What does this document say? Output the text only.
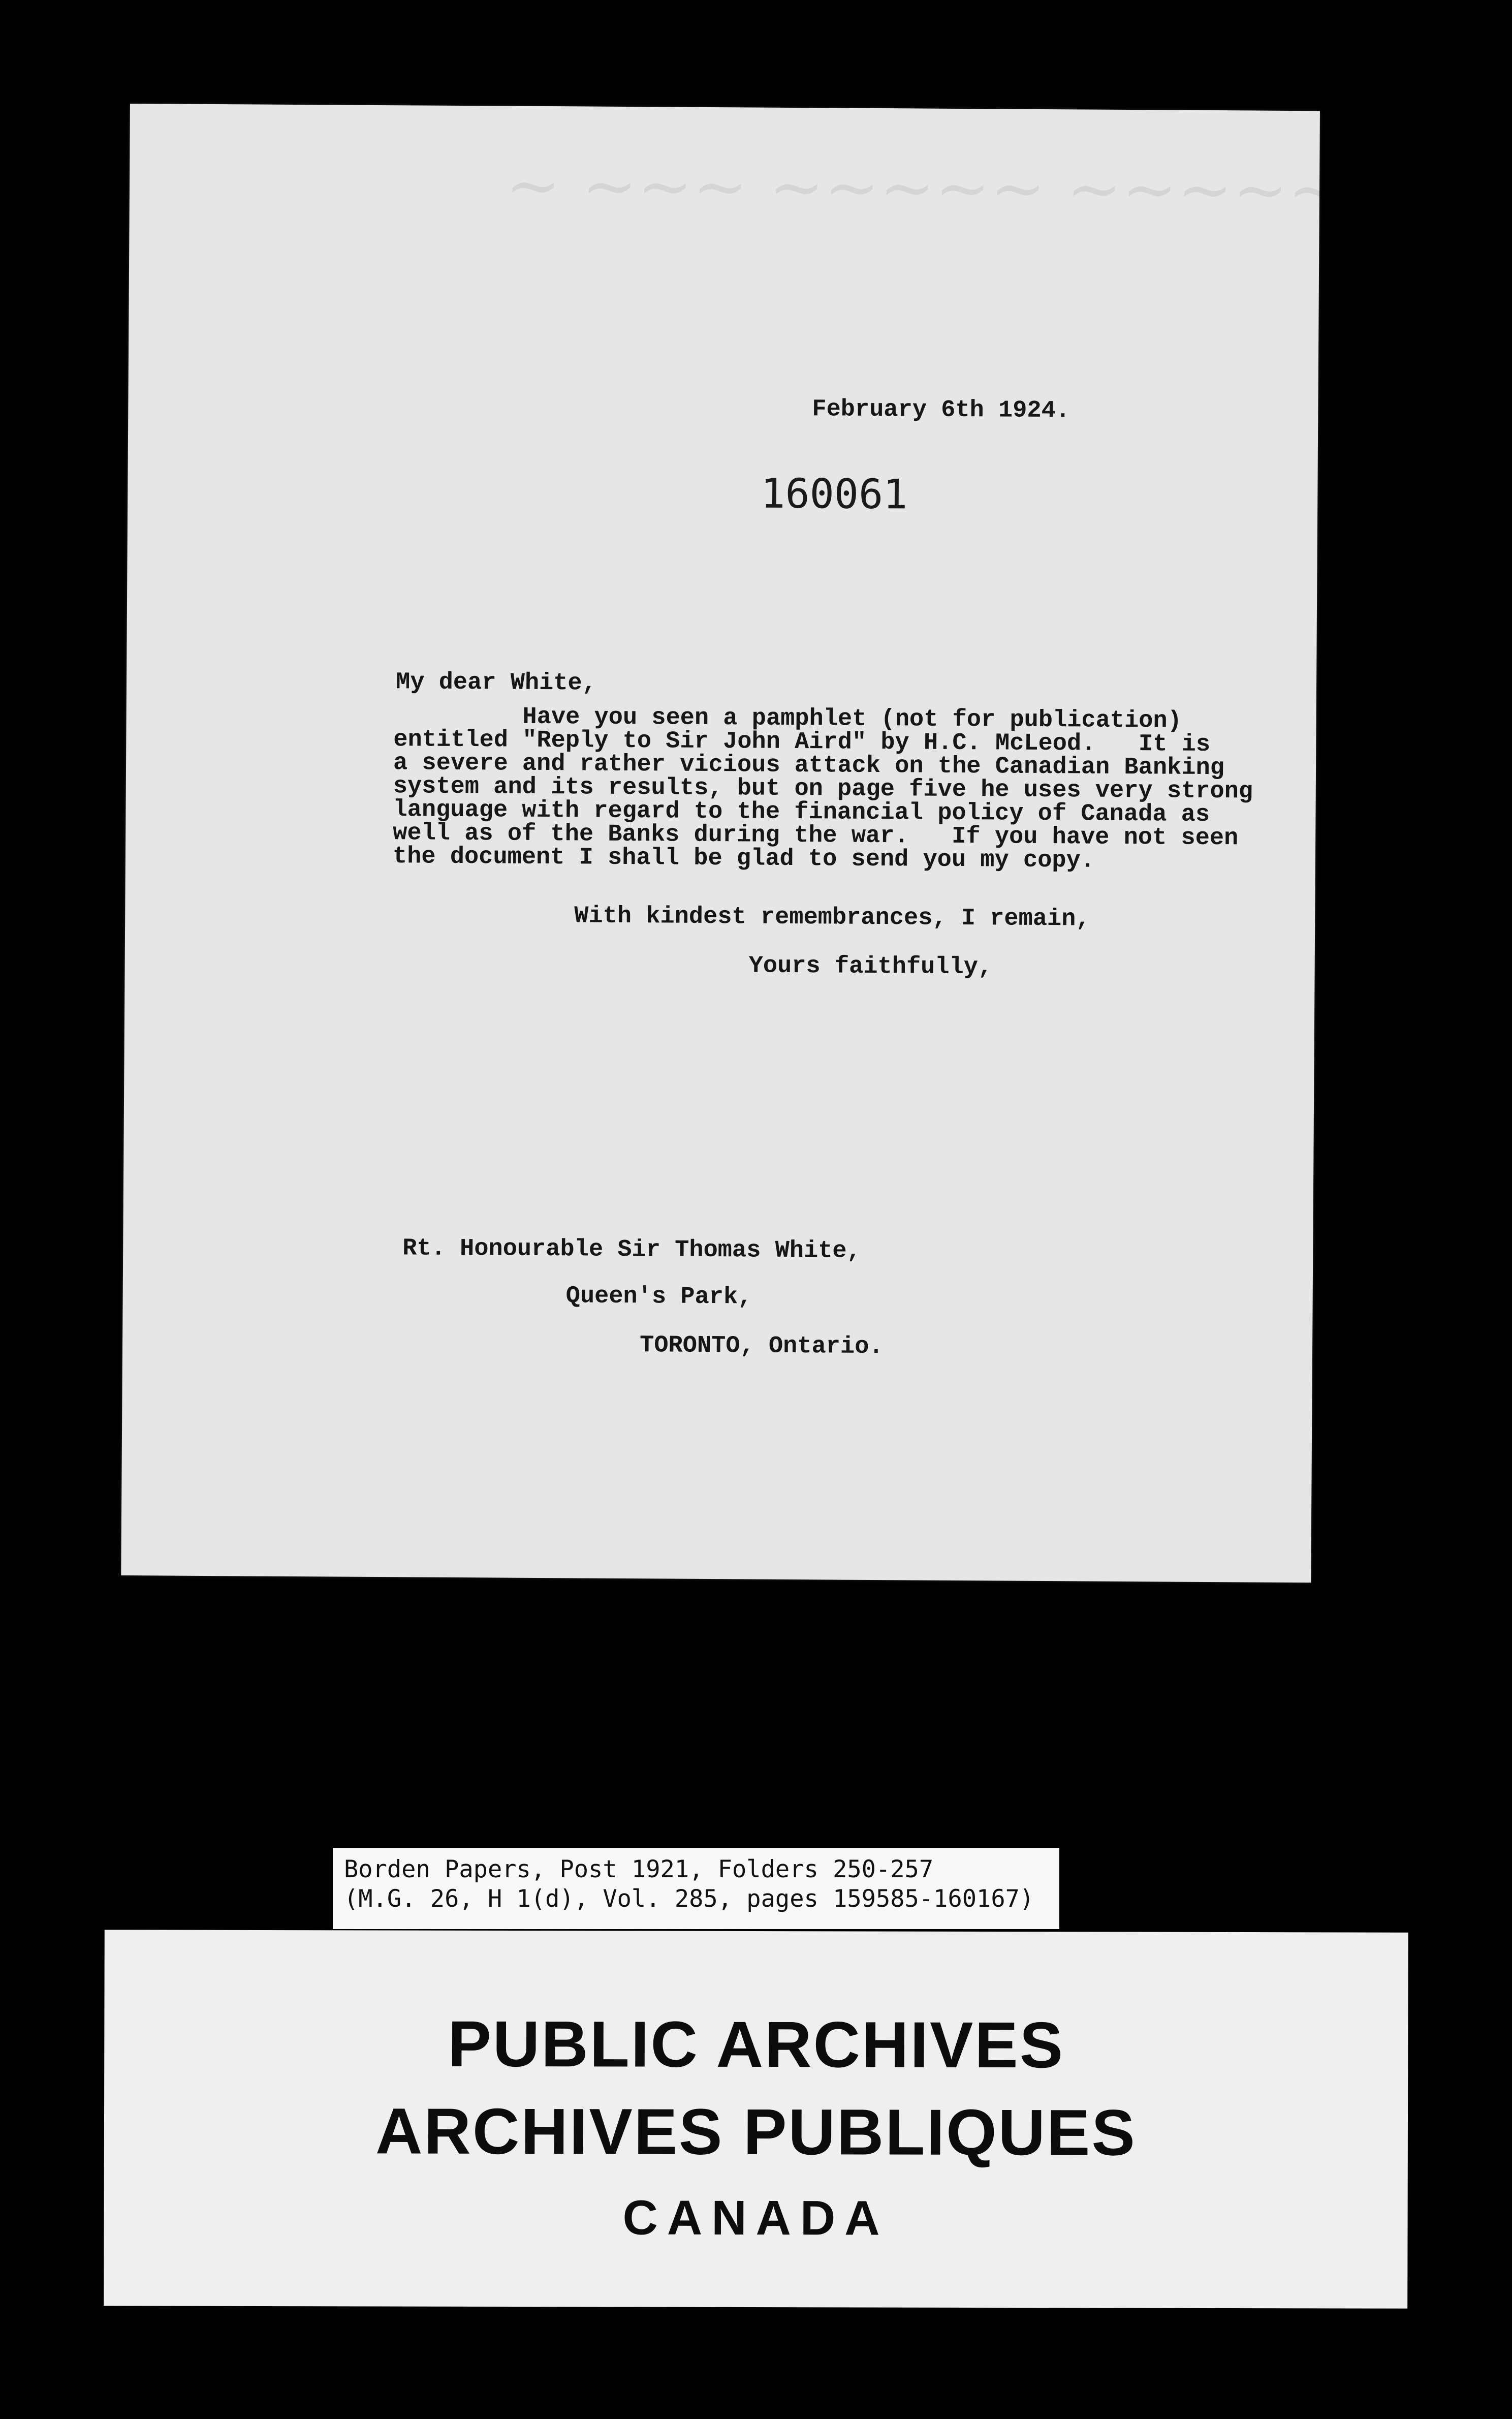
~ ~~~ ~~~~~ ~~~~~
February 6th 1924.
160061
My dear White,
Have you seen a pamphlet (not for publication)
entitled "Reply to Sir John Aird" by H.C. McLeod.   It is
a severe and rather vicious attack on the Canadian Banking
system and its results, but on page five he uses very strong
language with regard to the financial policy of Canada as
well as of the Banks during the war.   If you have not seen
the document I shall be glad to send you my copy.
With kindest remembrances, I remain,
Yours faithfully,
Rt. Honourable Sir Thomas White,
Queen's Park,
TORONTO, Ontario.
Borden Papers, Post 1921, Folders 250-257
(M.G. 26, H 1(d), Vol. 285, pages 159585-160167)
PUBLIC ARCHIVES
ARCHIVES PUBLIQUES
CANADA
